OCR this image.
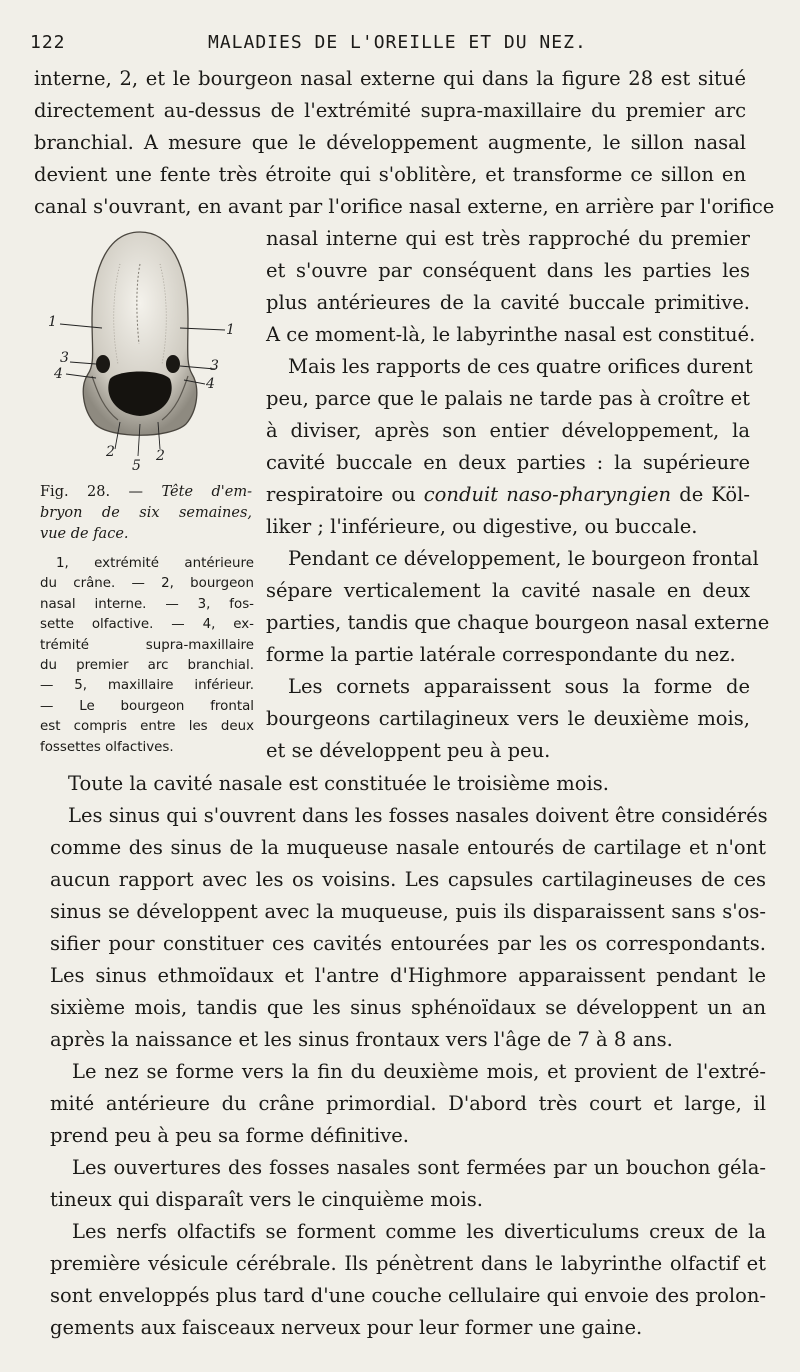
122	MALADIES DE L'OREILLE ET DU NEZ.
interne, 2, et le bourgeon nasal externe qui dans la figure 28 est situé
directement au-dessus de l'extrémité supra-maxillaire du premier arc
branchial. A mesure que le développement augmente, le sillon nasal
devient une fente très étroite qui s'oblitère, et transforme ce sillon en
canal s'ouvrant, en avant par l'orifice nasal externe, en arrière par l'orifice
1	1
3	3
4
4
2
5
2
Fig. 28. — Tête d'em-
bryon de six semaines,
vue de face.
1, extrémité antérieure
du crâne. — 2, bourgeon
nasal interne. — 3, fos-
sette olfactive. — 4, ex-
trémité supra-maxillaire
du premier arc branchial.
— 5, maxillaire inférieur.
— Le bourgeon frontal
est compris entre les deux
fossettes olfactives.
nasal interne qui est très rapproché du premier
et s'ouvre par conséquent dans les parties les
plus antérieures de la cavité buccale primitive.
A ce moment-là, le labyrinthe nasal est constitué.
Mais les rapports de ces quatre orifices durent
peu, parce que le palais ne tarde pas à croître et
à diviser, après son entier développement, la
cavité buccale en deux parties : la supérieure
respiratoire ou conduit naso-pharyngien de Köl-
liker ; l'inférieure, ou digestive, ou buccale.
Pendant ce développement, le bourgeon frontal
sépare verticalement la cavité nasale en deux
parties, tandis que chaque bourgeon nasal externe
forme la partie latérale correspondante du nez.
Les cornets apparaissent sous la forme de
bourgeons cartilagineux vers le deuxième mois,
et se développent peu à peu.
Toute la cavité nasale est constituée le troisième mois.
Les sinus qui s'ouvrent dans les fosses nasales doivent être considérés
comme des sinus de la muqueuse nasale entourés de cartilage et n'ont
aucun rapport avec les os voisins. Les capsules cartilagineuses de ces
sinus se développent avec la muqueuse, puis ils disparaissent sans s'os-
sifier pour constituer ces cavités entourées par les os correspondants.
Les sinus ethmoïdaux et l'antre d'Highmore apparaissent pendant le
sixième mois, tandis que les sinus sphénoïdaux se développent un an
après la naissance et les sinus frontaux vers l'âge de 7 à 8 ans.
Le nez se forme vers la fin du deuxième mois, et provient de l'extré-
mité antérieure du crâne primordial. D'abord très court et large, il
prend peu à peu sa forme définitive.
Les ouvertures des fosses nasales sont fermées par un bouchon géla-
tineux qui disparaît vers le cinquième mois.
Les nerfs olfactifs se forment comme les diverticulums creux de la
première vésicule cérébrale. Ils pénètrent dans le labyrinthe olfactif et
sont enveloppés plus tard d'une couche cellulaire qui envoie des prolon-
gements aux faisceaux nerveux pour leur former une gaine.
